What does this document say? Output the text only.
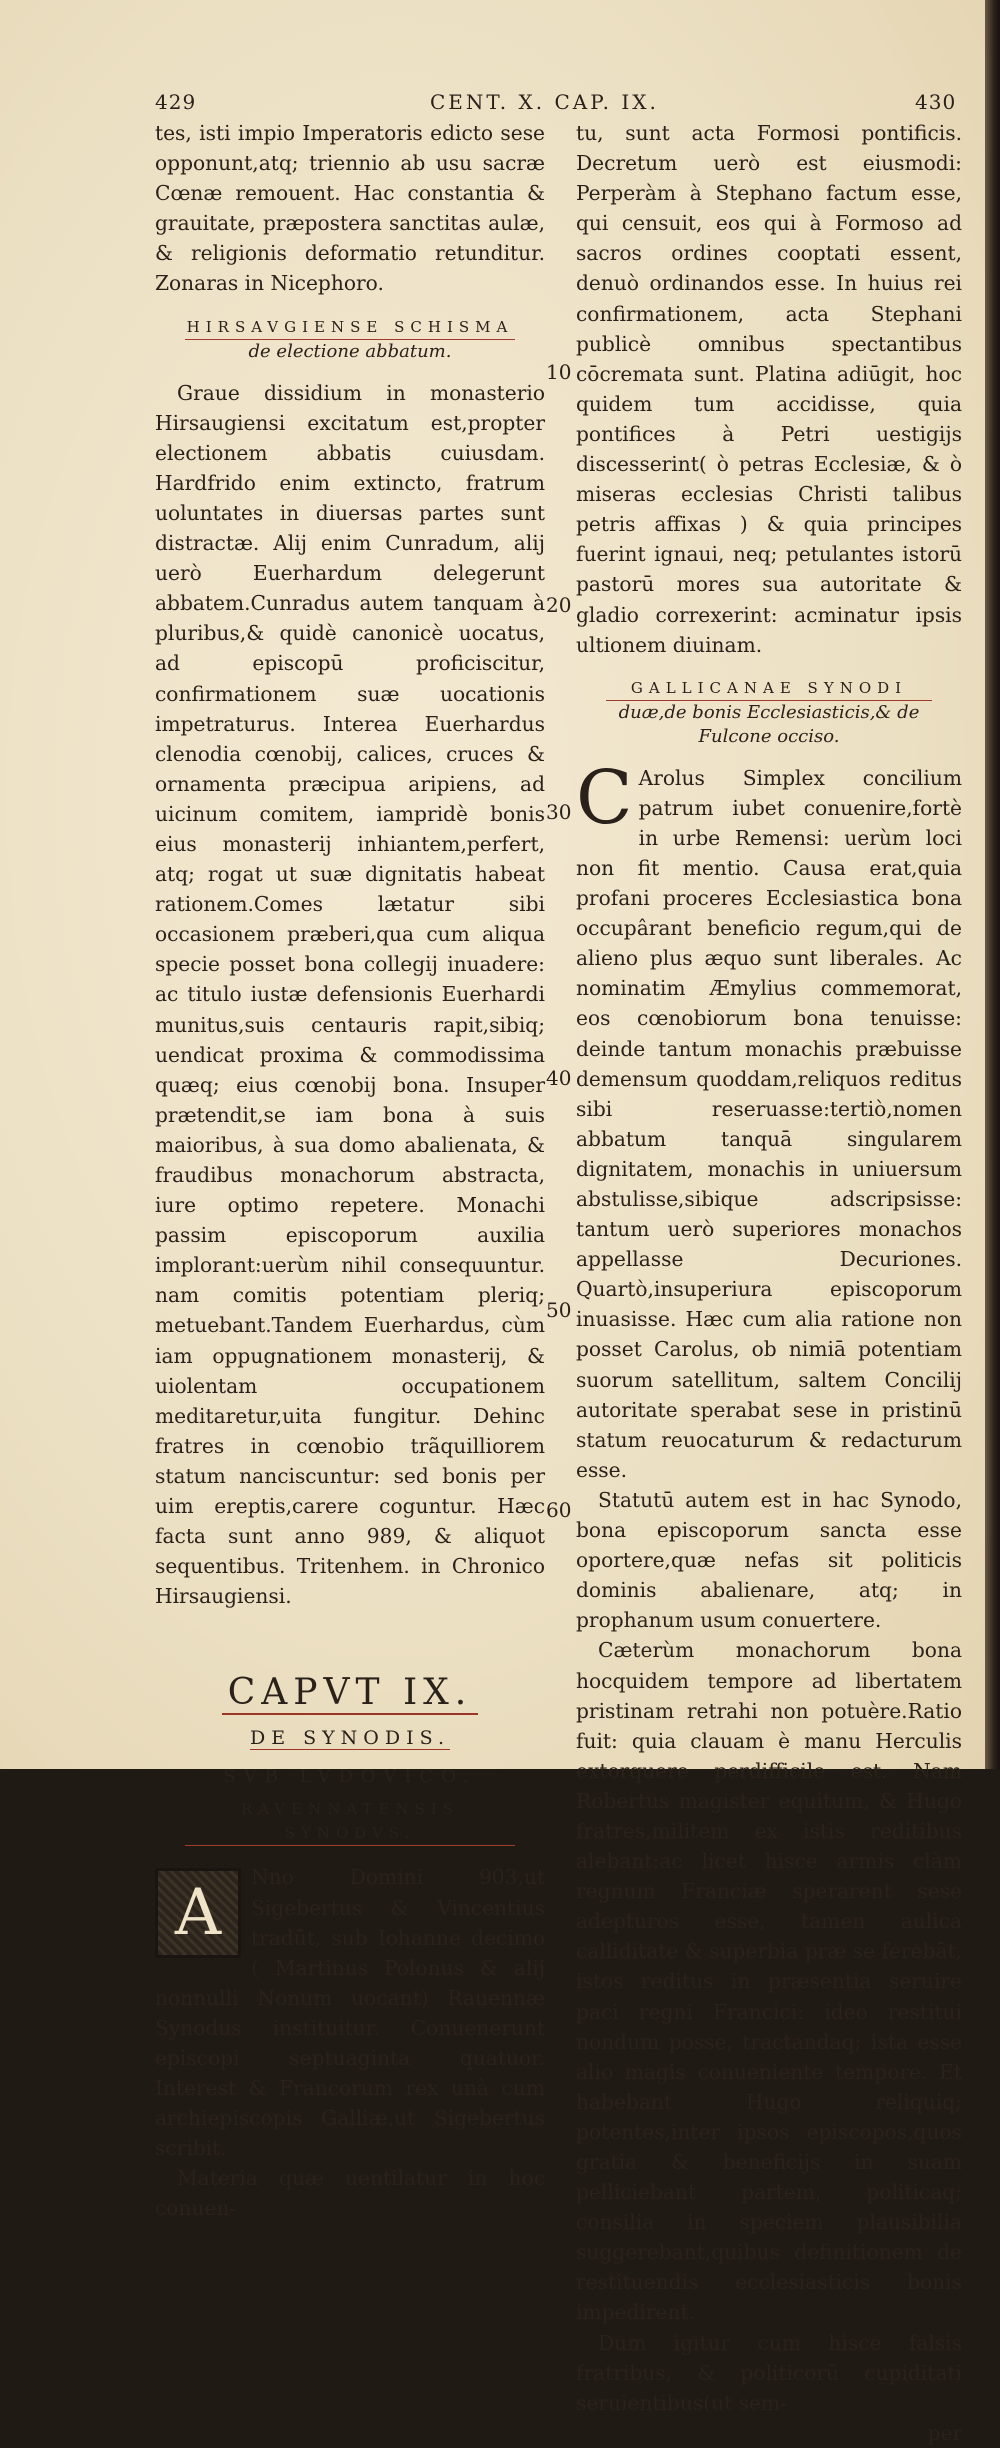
429	CENT. X. CAP. IX.	430

tes, isti impio Imperatoris edicto sese opponunt,atq; triennio ab usu sacræ Cœnæ remouent. Hac constantia & grauitate, præpostera sanctitas aulæ, & religionis deformatio retunditur. Zonaras in Nicephoro.

HIRSAVGIENSE SCHISMA
de electione abbatum.

Graue dissidium in monasterio Hirsaugiensi excitatum est,propter electionem abbatis cuiusdam. Hardfrido enim extincto, fratrum uoluntates in diuersas partes sunt distractæ. Alij enim Cunradum, alij uerò Euerhardum delegerunt abbatem.Cunradus autem tanquam à pluribus,& quidè canonicè uocatus, ad episcopū proficiscitur, confirmationem suæ uocationis impetraturus. Interea Euerhardus clenodia cœnobij, calices, cruces & ornamenta præcipua aripiens, ad uicinum comitem, iampridè bonis eius monasterij inhiantem,perfert, atq; rogat ut suæ dignitatis habeat rationem.Comes lætatur sibi occasionem præberi,qua cum aliqua specie posset bona collegij inuadere: ac titulo iustæ defensionis Euerhardi munitus,suis centauris rapit,sibiq; uendicat proxima & commodissima quæq; eius cœnobij bona. Insuper prætendit,se iam bona à suis maioribus, à sua domo abalienata, & fraudibus monachorum abstracta, iure optimo repetere. Monachi passim episcoporum auxilia implorant:uerùm nihil consequuntur. nam comitis potentiam pleriq; metuebant.Tandem Euerhardus, cùm iam oppugnationem monasterij, & uiolentam occupationem meditaretur,uita fungitur. Dehinc fratres in cœnobio trãquilliorem statum nanciscuntur: sed bonis per uim ereptis,carere coguntur. Hæc facta sunt anno 989, & aliquot sequentibus. Tritenhem. in Chronico Hirsaugiensi.

CAPVT IX.
DE SYNODIS.
SVB LVDOVICO.
RAVENNATENSIS SYNODVS.
A	Nno Domini 903,ut Sigebertus & Vincentius tradūt, sub Iohanne decimo ( Martinus Polonus & alij nonnulli Nonum uocant) Rauennæ Synodus instituitur. Conuenerunt episcopi septuaginta quatuor. Interest & Francorum rex unà cum archiepiscopis Galliæ,ut Sigebertus scribit.

Materia quæ uentilatur in hoc conuen-

10
20
30
40
50
60

tu, sunt acta Formosi pontificis. Decretum uerò est eiusmodi: Perperàm à Stephano factum esse, qui censuit, eos qui à Formoso ad sacros ordines cooptati essent, denuò ordinandos esse. In huius rei confirmationem, acta Stephani publicè omnibus spectantibus cōcremata sunt. Platina adiūgit, hoc quidem tum accidisse, quia pontifices à Petri uestigijs discesserint( ò petras Ecclesiæ, & ò miseras ecclesias Christi talibus petris affixas ) & quia principes fuerint ignaui, neq; petulantes istorū pastorū mores sua autoritate & gladio correxerint: acminatur ipsis ultionem diuinam.

GALLICANAE SYNODI
duæ,de bonis Ecclesiasticis,& de
Fulcone occiso.
C Arolus Simplex concilium patrum iubet conuenire,fortè in urbe Remensi: uerùm loci non fit mentio. Causa erat,quia profani proceres Ecclesiastica bona occupârant beneficio regum,qui de alieno plus æquo sunt liberales. Ac nominatim Æmylius commemorat, eos cœnobiorum bona tenuisse: deinde tantum monachis præbuisse demensum quoddam,reliquos reditus sibi reseruasse:tertiò,nomen abbatum tanquā singularem dignitatem, monachis in uniuersum abstulisse,sibique adscripsisse: tantum uerò superiores monachos appellasse Decuriones. Quartò,insuperiura episcoporum inuasisse. Hæc cum alia ratione non posset Carolus, ob nimiā potentiam suorum satellitum, saltem Concilij autoritate sperabat sese in pristinū statum reuocaturum & redacturum esse.

Statutū autem est in hac Synodo, bona episcoporum sancta esse oportere,quæ nefas sit politicis dominis abalienare, atq; in prophanum usum conuertere.

Cæterùm monachorum bona hocquidem tempore ad libertatem pristinam retrahi non potuère.Ratio fuit: quia clauam è manu Herculis extorquere perdifficile est. Nam Robertus magister equitum, & Hugo fratres,militem ex istis reditibus alebant:ac licet hisce armis clàm regnum Franciæ sperarent sese adepturos esse, tamen aulica calliditate & superbia præ se ferebāt, istos reditus in præsentia seruire paci regni Francici: ideo restitui nondum posse, tractandaq; ista esse alio magis conueniente tempore. Et habebant Hugo reliquiq; potentes,inter ipsos episcopos,quos gratia & beneficijs in suam pelliciebant partem, politicaq; consilia in speciem plausibilia suggerebant,quibus definitionem de restituendis ecclesiasticis bonis impedirent.

Dum igitur cum hisce falsis fratribus, & politicorū cupiditati seruientibus(ut sem-

per
